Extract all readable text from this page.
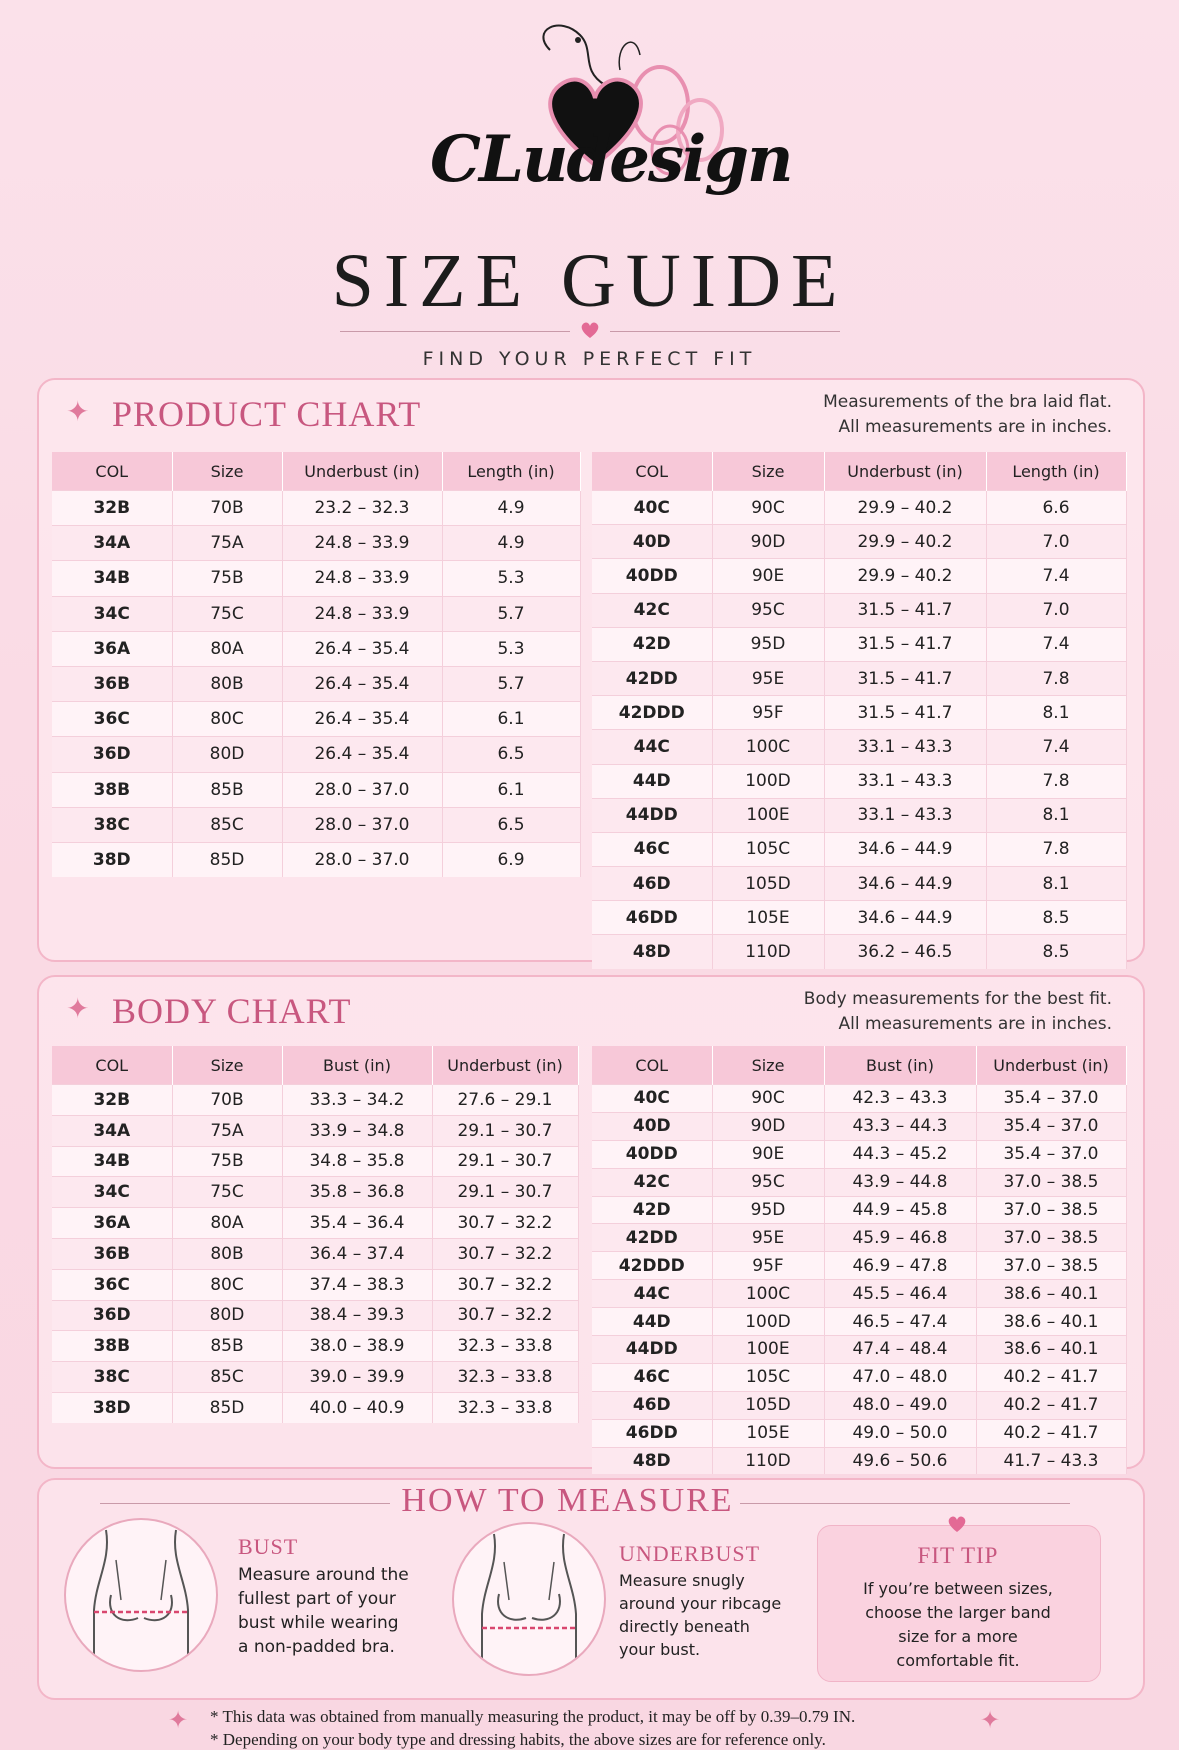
CLudesign
SIZE GUIDE
FIND YOUR PERFECT FIT
✦ PRODUCT CHART	Measurements of the bra laid flat.
All measurements are in inches.
COL	Size	Underbust (in)	Length (in)
32B	70B	23.2 – 32.3	4.9
34A	75A	24.8 – 33.9	4.9
34B	75B	24.8 – 33.9	5.3
34C	75C	24.8 – 33.9	5.7
36A	80A	26.4 – 35.4	5.3
36B	80B	26.4 – 35.4	5.7
36C	80C	26.4 – 35.4	6.1
36D	80D	26.4 – 35.4	6.5
38B	85B	28.0 – 37.0	6.1
38C	85C	28.0 – 37.0	6.5
38D	85D	28.0 – 37.0	6.9
COL	Size	Underbust (in)	Length (in)
40C	90C	29.9 – 40.2	6.6
40D	90D	29.9 – 40.2	7.0
40DD	90E	29.9 – 40.2	7.4
42C	95C	31.5 – 41.7	7.0
42D	95D	31.5 – 41.7	7.4
42DD	95E	31.5 – 41.7	7.8
42DDD	95F	31.5 – 41.7	8.1
44C	100C	33.1 – 43.3	7.4
44D	100D	33.1 – 43.3	7.8
44DD	100E	33.1 – 43.3	8.1
46C	105C	34.6 – 44.9	7.8
46D	105D	34.6 – 44.9	8.1
46DD	105E	34.6 – 44.9	8.5
48D	110D	36.2 – 46.5	8.5
✦ BODY CHART	Body measurements for the best fit.
All measurements are in inches.
COL	Size	Bust (in)	Underbust (in)
32B	70B	33.3 – 34.2	27.6 – 29.1
34A	75A	33.9 – 34.8	29.1 – 30.7
34B	75B	34.8 – 35.8	29.1 – 30.7
34C	75C	35.8 – 36.8	29.1 – 30.7
36A	80A	35.4 – 36.4	30.7 – 32.2
36B	80B	36.4 – 37.4	30.7 – 32.2
36C	80C	37.4 – 38.3	30.7 – 32.2
36D	80D	38.4 – 39.3	30.7 – 32.2
38B	85B	38.0 – 38.9	32.3 – 33.8
38C	85C	39.0 – 39.9	32.3 – 33.8
38D	85D	40.0 – 40.9	32.3 – 33.8
COL	Size	Bust (in)	Underbust (in)
40C	90C	42.3 – 43.3	35.4 – 37.0
40D	90D	43.3 – 44.3	35.4 – 37.0
40DD	90E	44.3 – 45.2	35.4 – 37.0
42C	95C	43.9 – 44.8	37.0 – 38.5
42D	95D	44.9 – 45.8	37.0 – 38.5
42DD	95E	45.9 – 46.8	37.0 – 38.5
42DDD	95F	46.9 – 47.8	37.0 – 38.5
44C	100C	45.5 – 46.4	38.6 – 40.1
44D	100D	46.5 – 47.4	38.6 – 40.1
44DD	100E	47.4 – 48.4	38.6 – 40.1
46C	105C	47.0 – 48.0	40.2 – 41.7
46D	105D	48.0 – 49.0	40.2 – 41.7
46DD	105E	49.0 – 50.0	40.2 – 41.7
48D	110D	49.6 – 50.6	41.7 – 43.3
HOW TO MEASURE
BUST
Measure around the
fullest part of your
bust while wearing
a non-padded bra.
UNDERBUST
Measure snugly
around your ribcage
directly beneath
your bust.
FIT TIP
If you’re between sizes,
choose the larger band
size for a more
comfortable fit.
✦	✦
* This data was obtained from manually measuring the product, it may be off by 0.39–0.79 IN.
* Depending on your body type and dressing habits, the above sizes are for reference only.
